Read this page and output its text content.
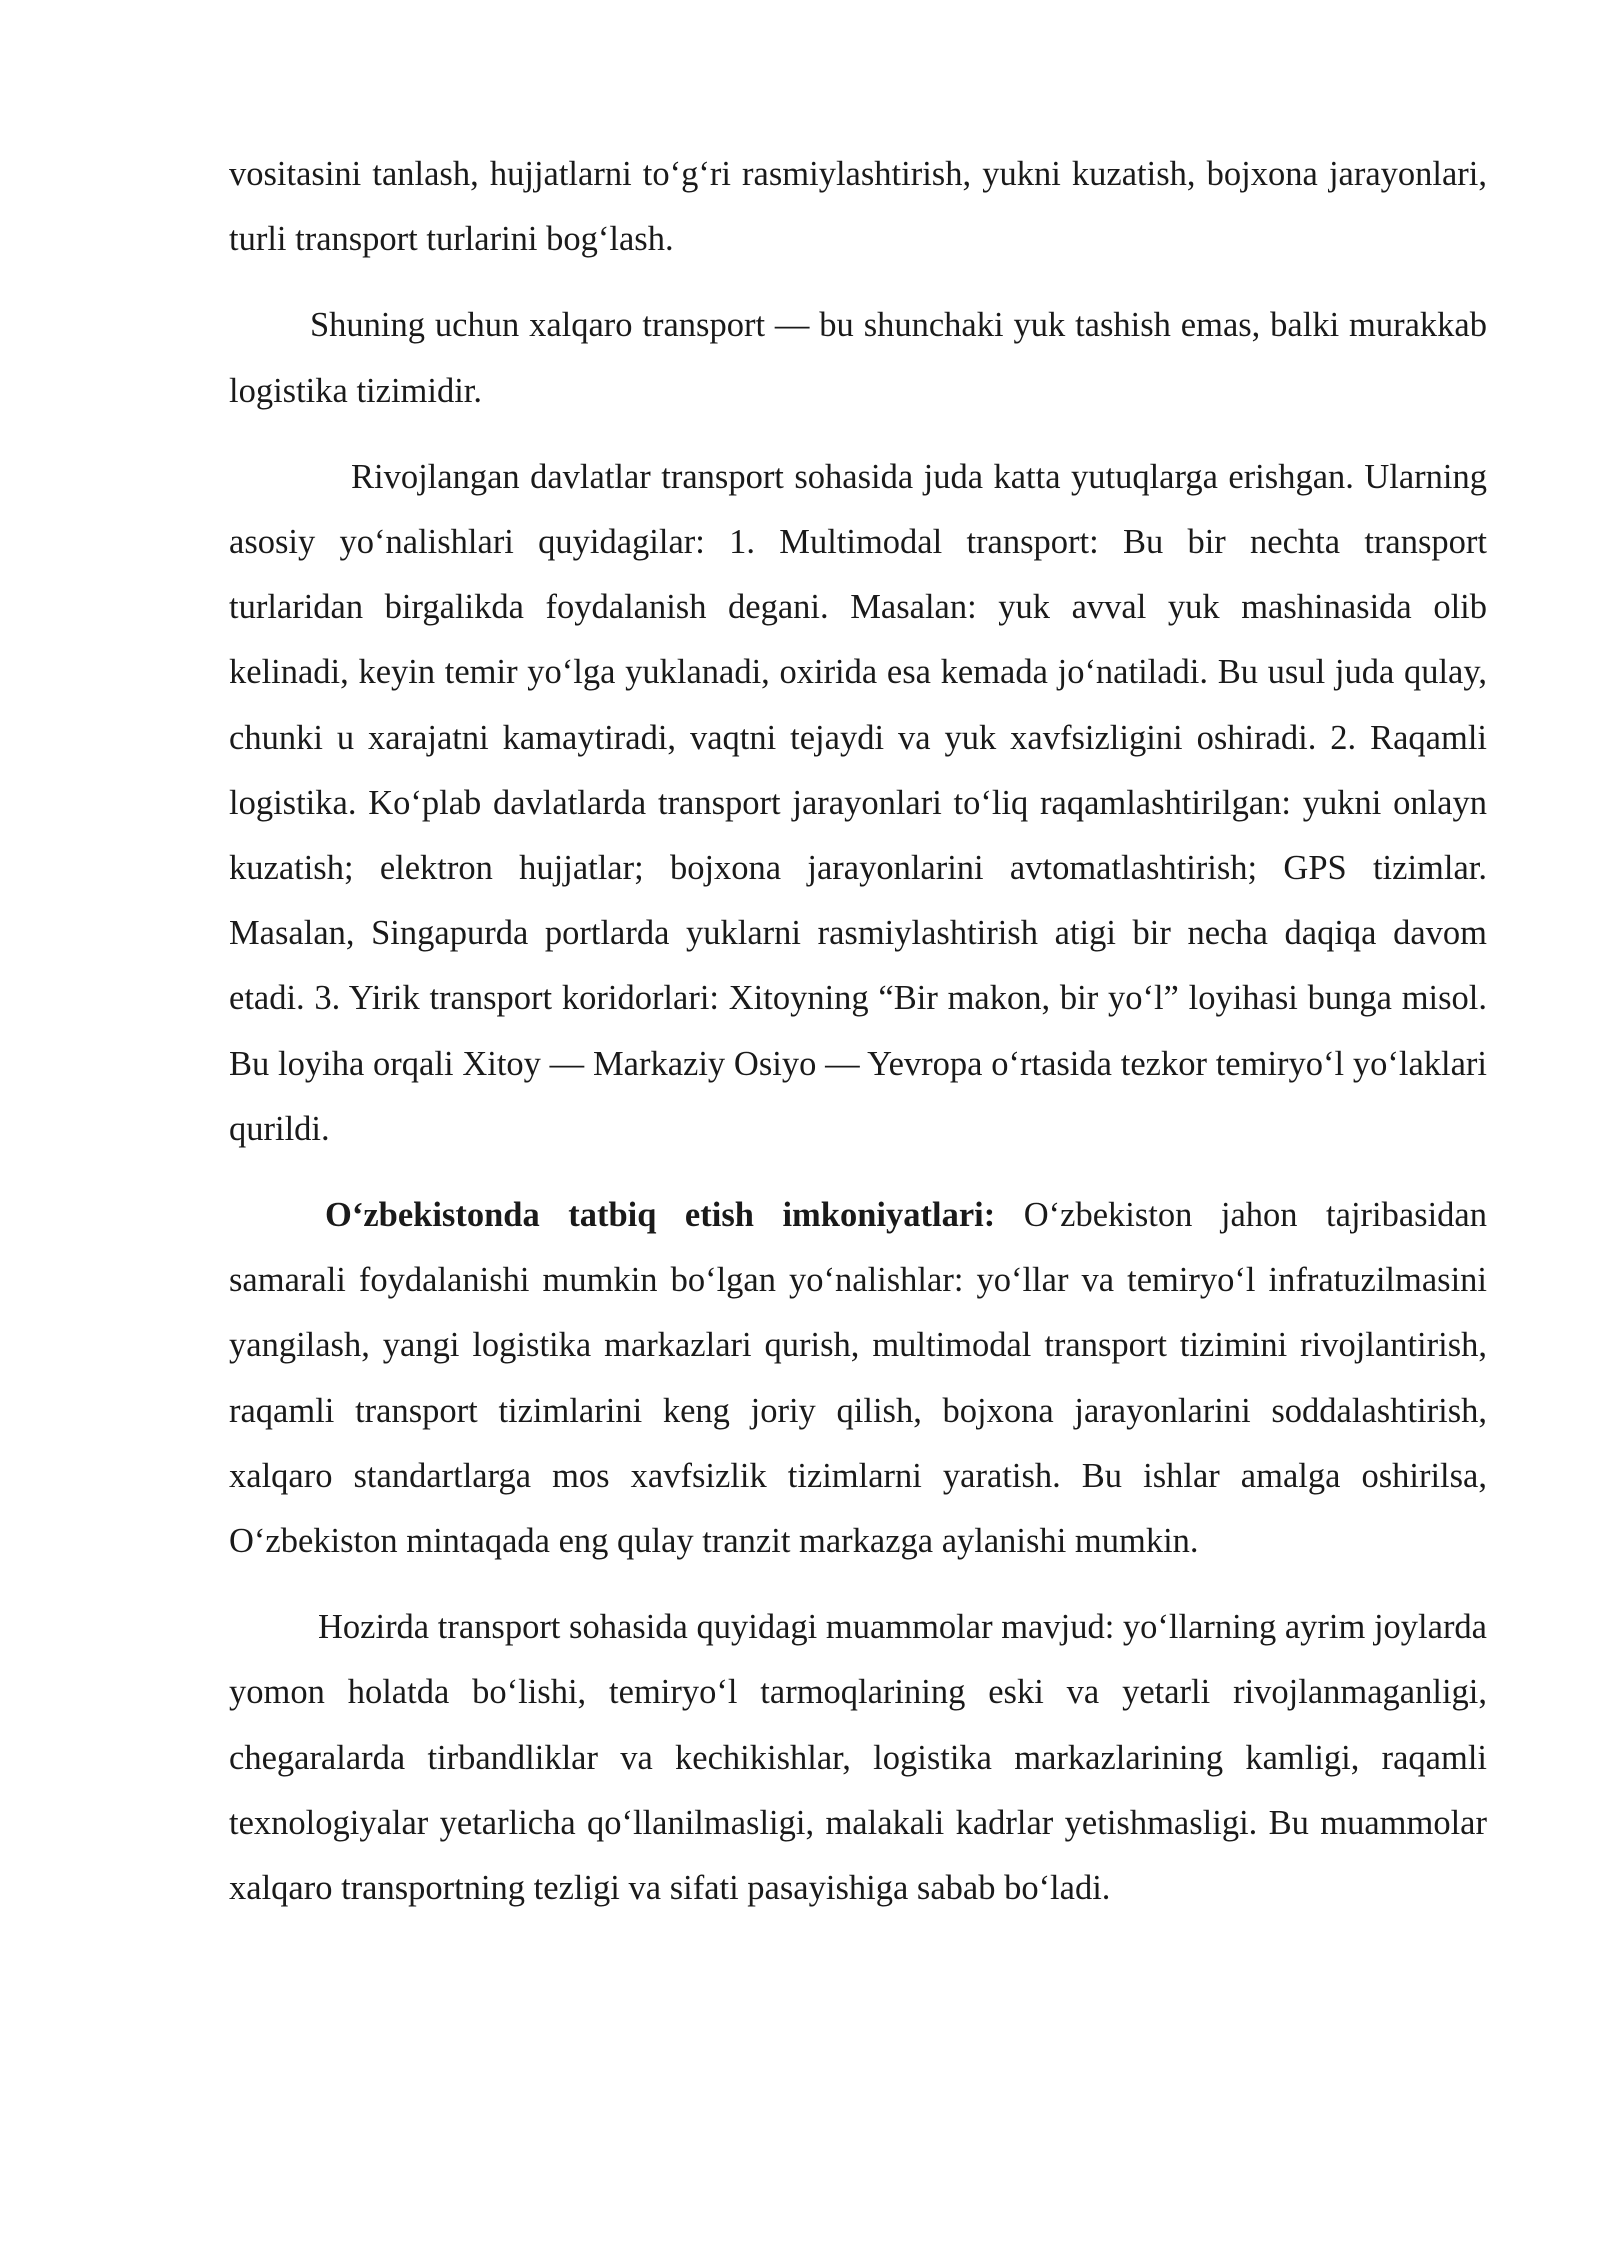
vositasini tanlash, hujjatlarni to‘g‘ri rasmiylashtirish, yukni kuzatish, bojxona jarayonlari, turli transport turlarini bog‘lash.

Shuning uchun xalqaro transport — bu shunchaki yuk tashish emas, balki murakkab logistika tizimidir.

Rivojlangan davlatlar transport sohasida juda katta yutuqlarga erishgan. Ularning asosiy yo‘nalishlari quyidagilar: 1. Multimodal transport: Bu bir nechta transport turlaridan birgalikda foydalanish degani. Masalan: yuk avval yuk mashinasida olib kelinadi, keyin temir yo‘lga yuklanadi, oxirida esa kemada jo‘natiladi. Bu usul juda qulay, chunki u xarajatni kamaytiradi, vaqtni tejaydi va yuk xavfsizligini oshiradi. 2. Raqamli logistika. Ko‘plab davlatlarda transport jarayonlari to‘liq raqamlashtirilgan: yukni onlayn kuzatish; elektron hujjatlar; bojxona jarayonlarini avtomatlashtirish; GPS tizimlar. Masalan, Singapurda portlarda yuklarni rasmiylashtirish atigi bir necha daqiqa davom etadi. 3. Yirik transport koridorlari: Xitoyning “Bir makon, bir yo‘l” loyihasi bunga misol. Bu loyiha orqali Xitoy — Markaziy Osiyo — Yevropa o‘rtasida tezkor temiryo‘l yo‘laklari qurildi.

O‘zbekistonda tatbiq etish imkoniyatlari: O‘zbekiston jahon tajribasidan samarali foydalanishi mumkin bo‘lgan yo‘nalishlar: yo‘llar va temiryo‘l infratuzilmasini yangilash, yangi logistika markazlari qurish, multimodal transport tizimini rivojlantirish, raqamli transport tizimlarini keng joriy qilish, bojxona jarayonlarini soddalashtirish, xalqaro standartlarga mos xavfsizlik tizimlarni yaratish. Bu ishlar amalga oshirilsa, O‘zbekiston mintaqada eng qulay tranzit markazga aylanishi mumkin.

Hozirda transport sohasida quyidagi muammolar mavjud: yo‘llarning ayrim joylarda yomon holatda bo‘lishi, temiryo‘l tarmoqlarining eski va yetarli rivojlanmaganligi, chegaralarda tirbandliklar va kechikishlar, logistika markazlarining kamligi, raqamli texnologiyalar yetarlicha qo‘llanilmasligi, malakali kadrlar yetishmasligi. Bu muammolar xalqaro transportning tezligi va sifati pasayishiga sabab bo‘ladi.
